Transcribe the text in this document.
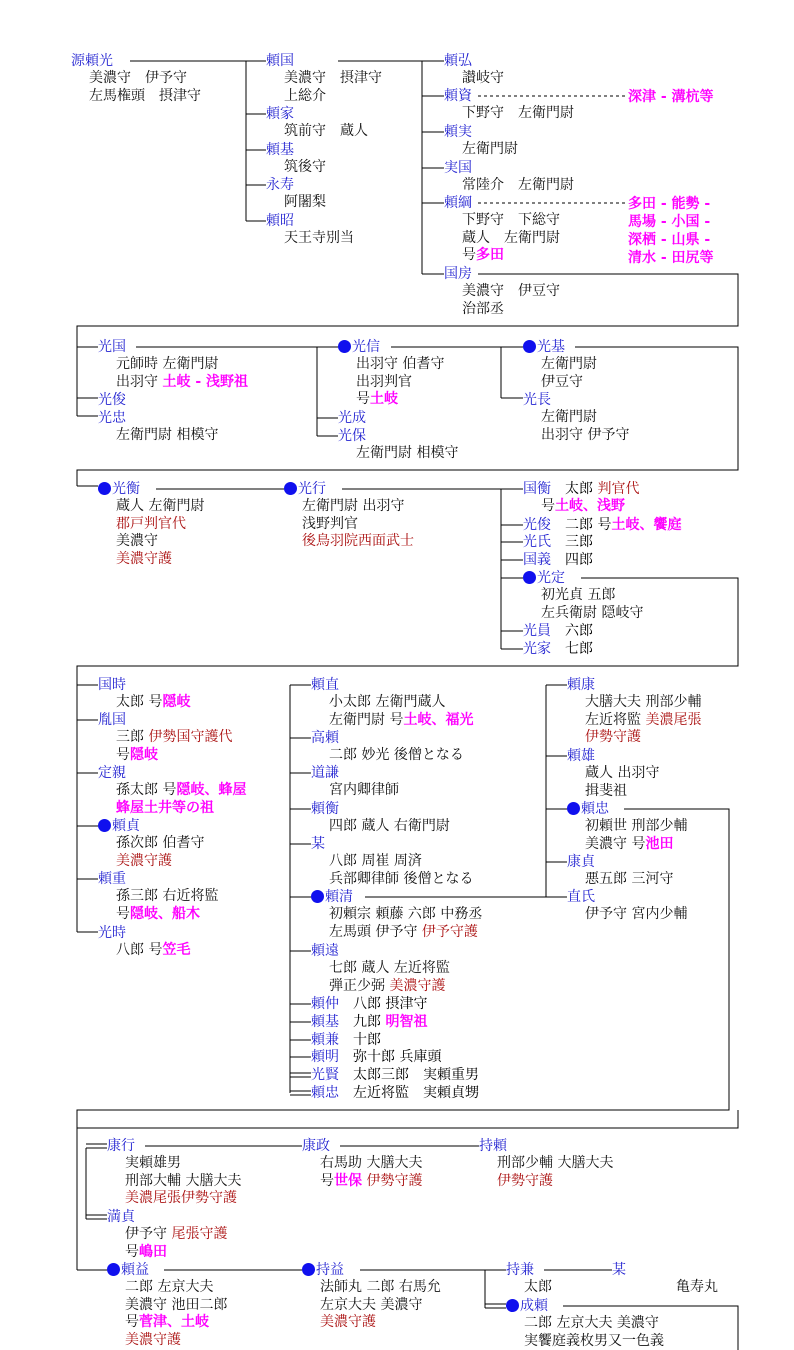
源頼光
美濃守　伊予守
左馬権頭　摂津守
頼国
美濃守　摂津守
上総介
頼家
筑前守　蔵人
頼基
筑後守
永寿
阿闍梨
頼昭
天王寺別当
頼弘
讃岐守
頼資
下野守　左衛門尉
頼実
左衛門尉
実国
常陸介　左衛門尉
頼綱
下野守　下総守
蔵人　左衛門尉
号多田
国房
美濃守　伊豆守
治部丞
光国
元師時 左衛門尉
出羽守 土岐 - 浅野祖
光俊
光忠
左衛門尉 相模守
光信
出羽守 伯耆守
出羽判官
号土岐
光成
光保
左衛門尉 相模守
光基
左衛門尉
伊豆守
光長
左衛門尉
出羽守 伊予守
光衡
蔵人 左衛門尉
郡戸判官代
美濃守
美濃守護
光行
左衛門尉 出羽守
浅野判官
後鳥羽院西面武士
国衡　太郎 判官代
号土岐、浅野
光俊　二郎 号土岐、饗庭
光氏　三郎
国義　四郎
光定
初光貞 五郎
左兵衛尉 隠岐守
光員　六郎
光家　七郎
国時
太郎 号隠岐
胤国
三郎 伊勢国守護代
号隠岐
定親
孫太郎 号隠岐、蜂屋
蜂屋土井等の祖
頼貞
孫次郎 伯耆守
美濃守護
頼重
孫三郎 右近将監
号隠岐、船木
光時
八郎 号笠毛
頼直
小太郎 左衛門蔵人
左衛門尉 号土岐、福光
高頼
二郎 妙光 後僧となる
道謙
宮内卿律師
頼衡
四郎 蔵人 右衛門尉
某
八郎 周崔 周済
兵部卿律師 後僧となる
頼清
初頼宗 頼藤 六郎 中務丞
左馬頭 伊予守 伊予守護
頼遠
七郎 蔵人 左近将監
弾正少弼 美濃守護
頼仲　八郎 摂津守
頼基　九郎 明智祖
頼兼　十郎
頼明　弥十郎 兵庫頭
光賢　太郎三郎　実頼重男
頼忠　左近将監　実頼貞甥
頼康
大膳大夫 刑部少輔
左近将監 美濃尾張
伊勢守護
頼雄
蔵人 出羽守
揖斐祖
頼忠
初頼世 刑部少輔
美濃守 号池田
康貞
悪五郎 三河守
直氏
伊予守 宮内少輔
康行
実頼雄男
刑部大輔 大膳大夫
美濃尾張伊勢守護
康政
右馬助 大膳大夫
号世保 伊勢守護
持頼
刑部少輔 大膳大夫
伊勢守護
満貞
伊予守 尾張守護
号嶋田
頼益
二郎 左京大夫
美濃守 池田二郎
号菅津、土岐
美濃守護
持益
法師丸 二郎 右馬允
左京大夫 美濃守
美濃守護
持兼
太郎
某
亀寿丸
成頼
二郎 左京大夫 美濃守
実饗庭義枚男又一色義
深津 - 溝杭等
多田 - 能勢 -
馬場 - 小国 -
深栖 - 山県 -
清水 - 田尻等
